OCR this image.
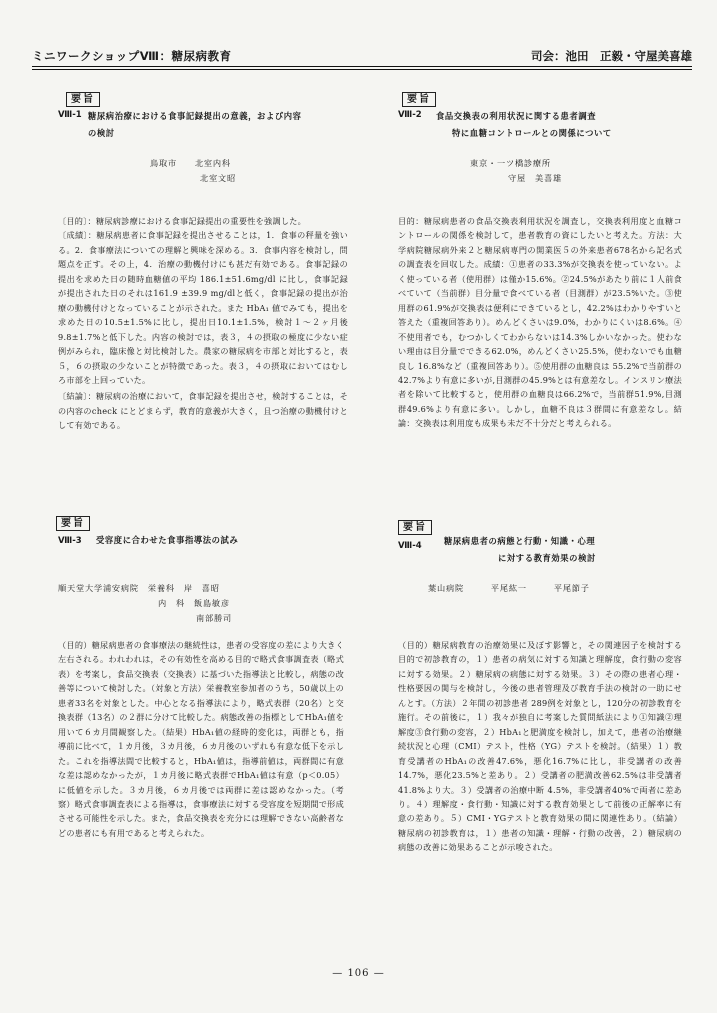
ミニワークショップⅧ：糖尿病教育	司会：池田　正毅・守屋美喜雄
要旨
Ⅷ-1 糖尿病治療における食事記録提出の意義，および内容
の検討
鳥取市　　北室内科
北室文昭

〔目的〕：糖尿病診療における食事記録提出の重要性を強調した。

〔成績〕：糖尿病患者に食事記録を提出させることは，1．食事の秤量を強いる。2．食事療法についての理解と興味を深める。3．食事内容を検討し，問題点を正す。その上，4．治療の動機付けにも甚だ有効である。食事記録の提出を求めた日の随時血糖値の平均 186.1±51.6mg/dl に比し，食事記録が提出された日のそれは161.9 ±39.9 mg/dlと低く，食事記録の提出が治療の動機付けとなっていることが示された。また HbA₁ 値でみても，提出を求めた日の10.5±1.5%に比し，提出日10.1±1.5%，検討１～２ヶ月後 9.8±1.7%と低下した。内容の検討では，表３，４の摂取の極度に少ない症例がみられ，臨床像と対比検討した。農家の糖尿病を市部と対比すると，表５，６の摂取の少ないことが特徴であった。表３，４の摂取においてはむしろ市部を上回っていた。

〔結論〕：糖尿病の治療において，食事記録を提出させ，検討することは，その内容のcheck にとどまらず，教育的意義が大きく，且つ治療の動機付けとして有効である。

要旨
Ⅷ-2 食品交換表の利用状況に関する患者調査
特に血糖コントロールとの関係について
東京・一ツ橋診療所
守屋　美喜雄

目的：糖尿病患者の食品交換表利用状況を調査し，交換表利用度と血糖コントロールの関係を検討して，患者教育の資にしたいと考えた。方法：大学病院糖尿病外来２と糖尿病専門の開業医５の外来患者678名から記名式の調査表を回収した。成績：①患者の33.3%が交換表を使っていない。よく使っている者（使用群）は僅か15.6%。②24.5%があたり前に１人前食べていて（当前群）目分量で食べている者（目測群）が23.5%いた。③使用群の61.9%が交換表は便利にできているとし，42.2%はわかりやすいと答えた（重複回答あり）。めんどくさいは9.0%，わかりにくいは8.6%。④不使用者でも，むつかしくてわからないは14.3%しかいなかった。使わない理由は目分量でできる62.0%，めんどくさい25.5%，使わないでも血糖良し 16.8%など（重複回答あり）。⑤使用群の血糖良は 55.2%で当前群の 42.7%より有意に多いが,目測群の45.9%とは有意差なし。インスリン療法者を除いて比較すると，使用群の血糖良は66.2%で，当前群51.9%,目測群49.6%より有意に多い。しかし，血糖不良は３群間に有意差なし。結論：交換表は利用度も成果も未だ不十分だと考えられる。

要旨
Ⅷ-3 受容度に合わせた食事指導法の試み
順天堂大学浦安病院　栄養科　岸　喜昭
内　科　飯島敏彦
南部勝司

（目的）糖尿病患者の食事療法の継続性は，患者の受容度の差により大きく左右される。われわれは，その有効性を高める目的で略式食事調査表（略式表）を考案し，食品交換表（交換表）に基づいた指導法と比較し，病態の改善等について検討した。（対象と方法）栄養教室参加者のうち，50歳以上の患者33名を対象とした。中心となる指導法により，略式表群（20名）と交換表群（13名）の２群に分けて比較した。病態改善の指標としてHbA₁値を用いて６カ月間観察した。（結果）HbA₁値の経時的変化は，両群とも，指導前に比べて，１カ月後，３カ月後，６カ月後のいずれも有意な低下を示した。これを指導法間で比較すると，HbA₁値は，指導前値は，両群間に有意な差は認めなかったが，１カ月後に略式表群でHbA₁値は有意（p＜0.05）に低値を示した。３カ月後，６カ月後では両群に差は認めなかった。（考察）略式食事調査表による指導は，食事療法に対する受容度を短期間で形成させる可能性を示した。また，食品交換表を充分には理解できない高齢者などの患者にも有用であると考えられた。

要旨
Ⅷ-4	糖尿病患者の病態と行動・知識・心理
に対する教育効果の検討
葉山病院　　　平尾紘一　　　平尾節子

（目的）糖尿病教育の治療効果に及ぼす影響と，その関連因子を検討する目的で初診教育の，１）患者の病気に対する知識と理解度，食行動の変容に対する効果。２）糖尿病の病態に対する効果。３）その際の患者心理・性格要因の関与を検討し，今後の患者管理及び教育手法の検討の一助にせんとす。（方法）２年間の初診患者 289例を対象とし，120分の初診教育を施行。その前後に，１）我々が独自に考案した質問紙法により①知識②理解度③食行動の変容，２）HbA₁と肥満度を検討し，加えて，患者の治療継続状況と心理（CMI）テスト，性格（YG）テストを検討。（結果）１）教育受講者のHbA₁の改善47.6%，悪化16.7%に比し，非受講者の改善14.7%，悪化23.5%と差あり。２）受講者の肥満改善62.5%は非受講者41.8%より大。３）受講者の治療中断 4.5%，非受講者40%で両者に差あり。４）理解度・食行動・知識に対する教育効果として前後の正解率に有意の差あり。５）CMI・YGテストと教育効果の間に関連性あり。（結論）糖尿病の初診教育は，１）患者の知識・理解・行動の改善，２）糖尿病の病態の改善に効果あることが示唆された。

— 106 —
